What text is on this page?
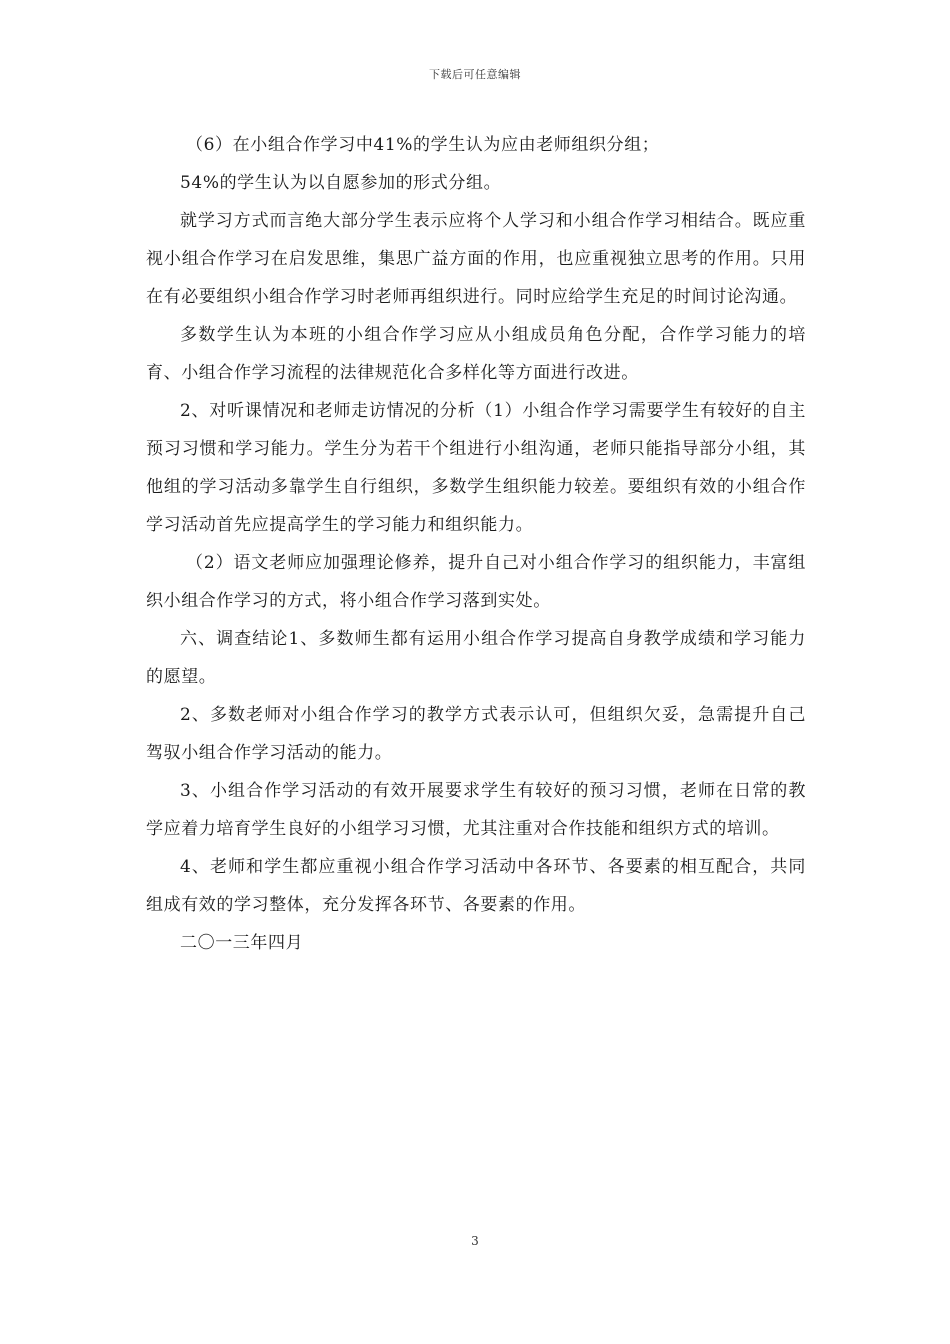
下载后可任意编辑

（6）在小组合作学习中41%的学生认为应由老师组织分组；

54%的学生认为以自愿参加的形式分组。

就学习方式而言绝大部分学生表示应将个人学习和小组合作学习相结合。既应重视小组合作学习在启发思维，集思广益方面的作用，也应重视独立思考的作用。只用在有必要组织小组合作学习时老师再组织进行。同时应给学生充足的时间讨论沟通。

多数学生认为本班的小组合作学习应从小组成员角色分配，合作学习能力的培育、小组合作学习流程的法律规范化合多样化等方面进行改进。

2、对听课情况和老师走访情况的分析（1）小组合作学习需要学生有较好的自主预习习惯和学习能力。学生分为若干个组进行小组沟通，老师只能指导部分小组，其他组的学习活动多靠学生自行组织，多数学生组织能力较差。要组织有效的小组合作学习活动首先应提高学生的学习能力和组织能力。

（2）语文老师应加强理论修养，提升自己对小组合作学习的组织能力，丰富组织小组合作学习的方式，将小组合作学习落到实处。

六、调查结论1、多数师生都有运用小组合作学习提高自身教学成绩和学习能力的愿望。

2、多数老师对小组合作学习的教学方式表示认可，但组织欠妥，急需提升自己驾驭小组合作学习活动的能力。

3、小组合作学习活动的有效开展要求学生有较好的预习习惯，老师在日常的教学应着力培育学生良好的小组学习习惯，尤其注重对合作技能和组织方式的培训。

4、老师和学生都应重视小组合作学习活动中各环节、各要素的相互配合，共同组成有效的学习整体，充分发挥各环节、各要素的作用。

二〇一三年四月

3
